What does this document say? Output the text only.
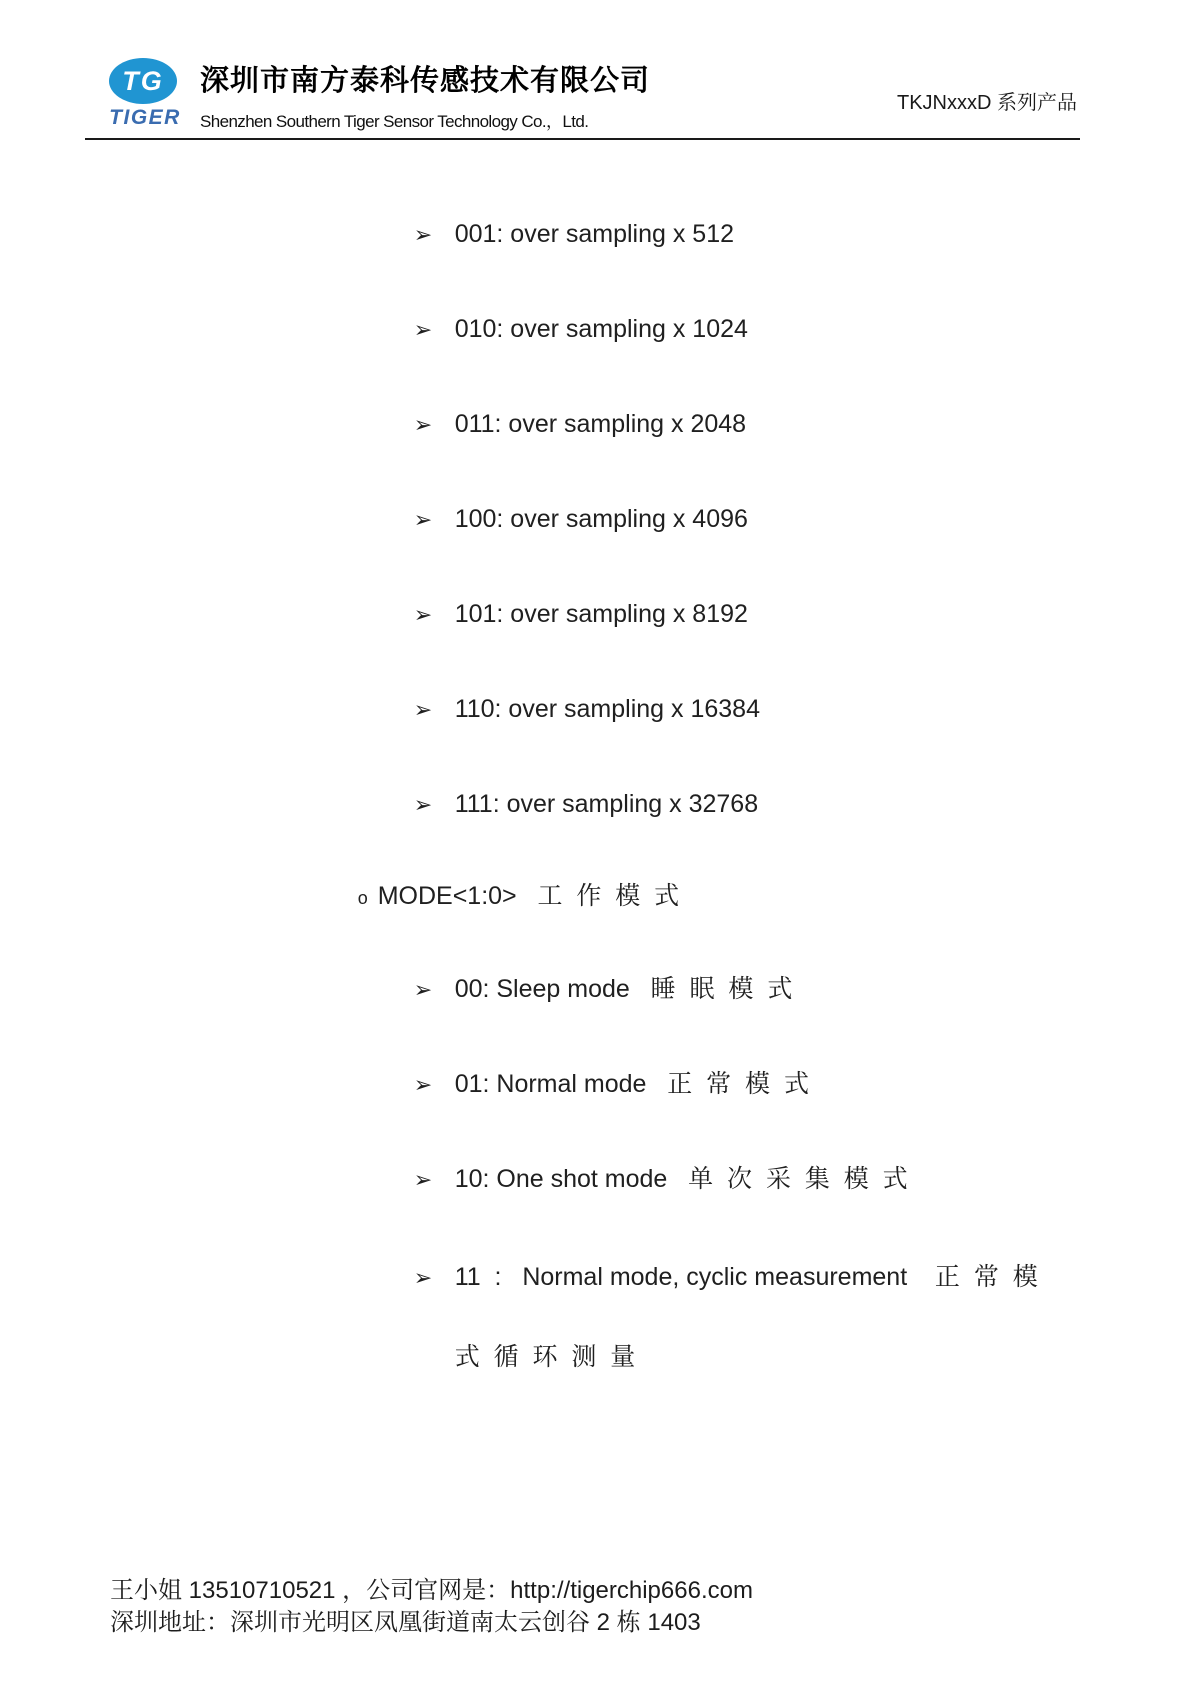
TG
TIGER
深圳市南方泰科传感技术有限公司
Shenzhen Southern Tiger Sensor Technology Co.，Ltd.
TKJNxxxD 系列产品

➢ 001: over sampling x 512

➢ 010: over sampling x 1024

➢ 011: over sampling x 2048

➢ 100: over sampling x 4096

➢ 101: over sampling x 8192

➢ 110: over sampling x 16384

➢ 111: over sampling x 32768

o MODE<1:0>   工  作  模  式

➢ 00: Sleep mode   睡  眠  模  式

➢ 01: Normal mode   正  常  模  式

➢ 10: One shot mode   单  次  采  集  模  式

➢ 11  :   Normal mode, cyclic measurement    正  常  模

式  循  环  测  量

王小姐 13510710521 ，公司官网是：http://tigerchip666.com
深圳地址：深圳市光明区凤凰街道南太云创谷 2 栋 1403
